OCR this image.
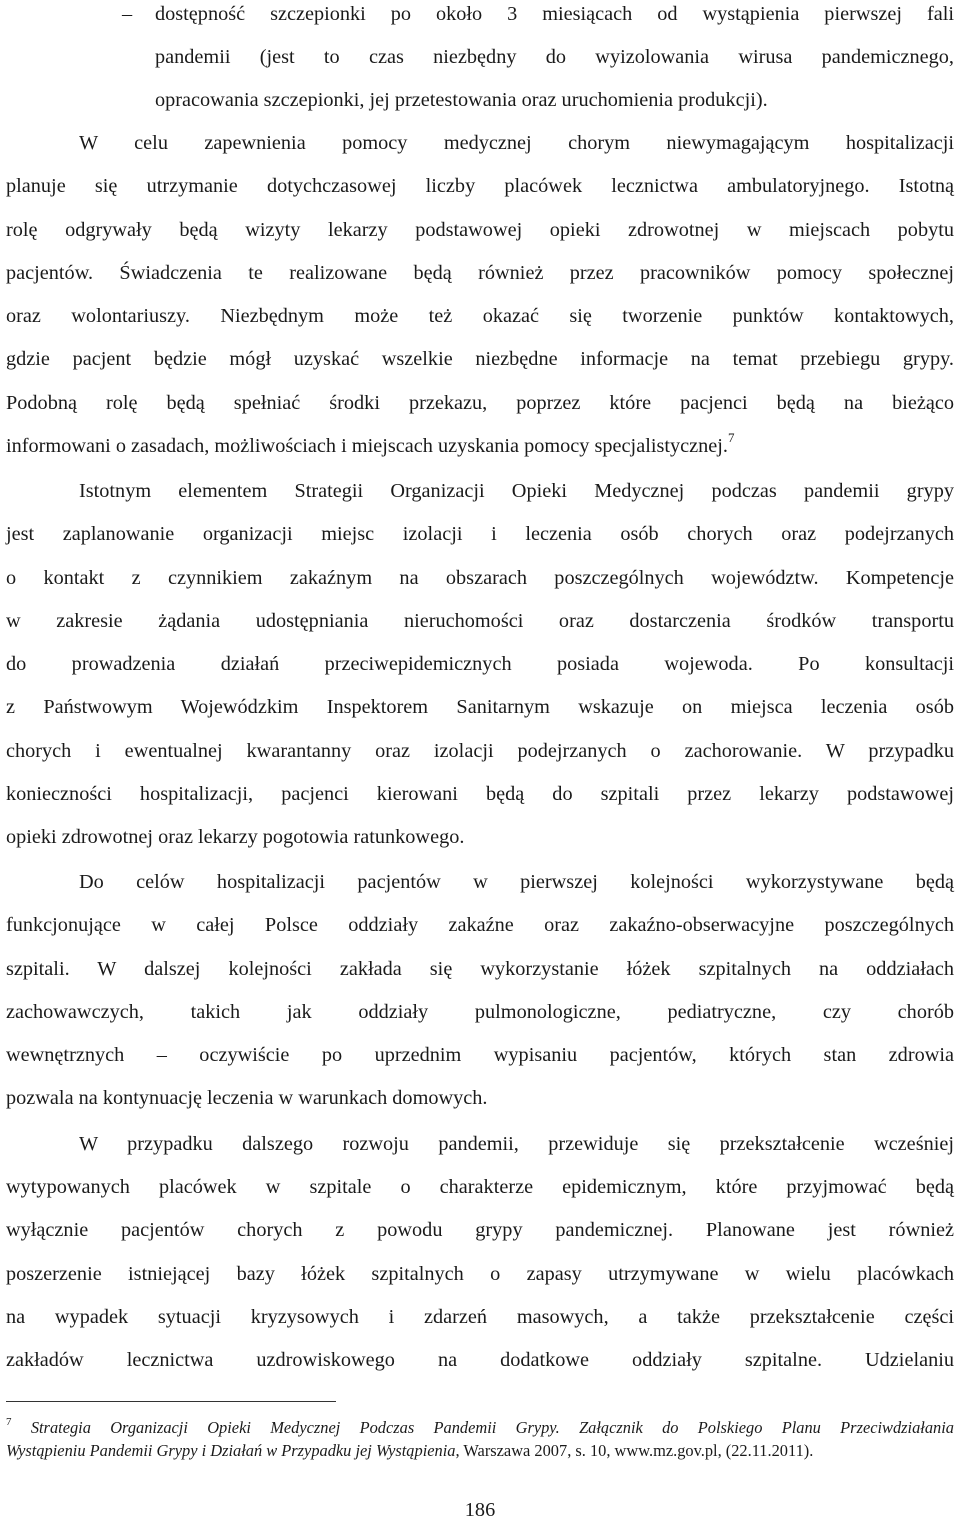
–	dostępność szczepionki po około 3 miesiącach od wystąpienia pierwszej fali
pandemii (jest to czas niezbędny do wyizolowania wirusa pandemicznego,
opracowania szczepionki, jej przetestowania oraz uruchomienia produkcji).
W celu zapewnienia pomocy medycznej chorym niewymagającym hospitalizacji
planuje się utrzymanie dotychczasowej liczby placówek lecznictwa ambulatoryjnego. Istotną
rolę odgrywały będą wizyty lekarzy podstawowej opieki zdrowotnej w miejscach pobytu
pacjentów. Świadczenia te realizowane będą również przez pracowników pomocy społecznej
oraz wolontariuszy. Niezbędnym może też okazać się tworzenie punktów kontaktowych,
gdzie pacjent będzie mógł uzyskać wszelkie niezbędne informacje na temat przebiegu grypy.
Podobną rolę będą spełniać środki przekazu, poprzez które pacjenci będą na bieżąco
informowani o zasadach, możliwościach i miejscach uzyskania pomocy specjalistycznej.$^7$
Istotnym elementem Strategii Organizacji Opieki Medycznej podczas pandemii grypy
jest zaplanowanie organizacji miejsc izolacji i leczenia osób chorych oraz podejrzanych
o kontakt z czynnikiem zakaźnym na obszarach poszczególnych województw. Kompetencje
w zakresie żądania udostępniania nieruchomości oraz dostarczenia środków transportu
do prowadzenia działań przeciwepidemicznych posiada wojewoda. Po konsultacji
z Państwowym Wojewódzkim Inspektorem Sanitarnym wskazuje on miejsca leczenia osób
chorych i ewentualnej kwarantanny oraz izolacji podejrzanych o zachorowanie. W przypadku
konieczności hospitalizacji, pacjenci kierowani będą do szpitali przez lekarzy podstawowej
opieki zdrowotnej oraz lekarzy pogotowia ratunkowego.
Do celów hospitalizacji pacjentów w pierwszej kolejności wykorzystywane będą
funkcjonujące w całej Polsce oddziały zakaźne oraz zakaźno-obserwacyjne poszczególnych
szpitali. W dalszej kolejności zakłada się wykorzystanie łóżek szpitalnych na oddziałach
zachowawczych, takich jak oddziały pulmonologiczne, pediatryczne, czy chorób
wewnętrznych – oczywiście po uprzednim wypisaniu pacjentów, których stan zdrowia
pozwala na kontynuację leczenia w warunkach domowych.
W przypadku dalszego rozwoju pandemii, przewiduje się przekształcenie wcześniej
wytypowanych placówek w szpitale o charakterze epidemicznym, które przyjmować będą
wyłącznie pacjentów chorych z powodu grypy pandemicznej. Planowane jest również
poszerzenie istniejącej bazy łóżek szpitalnych o zapasy utrzymywane w wielu placówkach
na wypadek sytuacji kryzysowych i zdarzeń masowych, a także przekształcenie części
zakładów lecznictwa uzdrowiskowego na dodatkowe oddziały szpitalne. Udzielaniu
$^7$ Strategia Organizacji Opieki Medycznej Podczas Pandemii Grypy. Załącznik do Polskiego Planu Przeciwdziałania
Wystąpieniu Pandemii Grypy i Działań w Przypadku jej Wystąpienia, Warszawa 2007, s. 10, www.mz.gov.pl, (22.11.2011).
186
